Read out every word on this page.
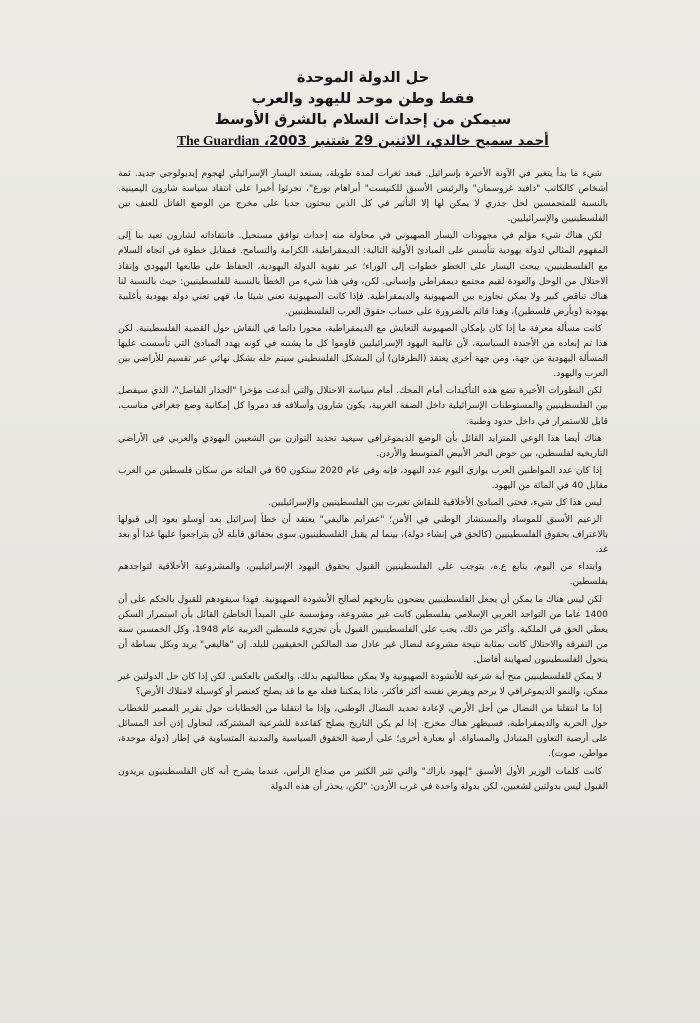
حل الدولة الموحدة
فقط وطن موحد لليهود والعرب
سيمكن من إحداث السلام بالشرق الأوسط
أحمد سميح خالدي، الاثنين 29 شتنبر 2003، The Guardian

شيء ما بدأ يتغير في الآونة الأخيرة بإسرائيل. فبعد ثغرات لمدة طويلة، يستعد اليسار الإسرائيلي لهجوم إيديولوجي جديد. ثمة أشخاص كالكاتب "دافيد غروسمان" والرئيس الأسبق للكنيست" أبراهام بورغ"، تجرئوا أخيرا على انتقاد سياسة شارون اليمينية. بالنسبة للمتحمسين لحل جذري لا يمكن لها إلا التأثير في كل الذين يبحثون جديا على مخرج من الوضع القاتل للعنف بين الفلسطينيين والإسرائيليين.

لكن هناك شيء مؤلم في مجهودات اليسار الصهيوني في محاولة منه إحداث توافق مستحيل. فانتقاداته لشارون تعيد بنا إلى المفهوم المثالي لدولة يهودية تتأسس على المبادئ الأولية التالية: الديمقراطية، الكرامة والتسامح. فمقابل خطوة في اتجاه السلام مع الفلسطينيين، يبحث اليسار على الخطو خطوات إلى الوراء؛ عبر تقوية الدولة اليهودية، الحفاظ على طابعها اليهودي وإنقاذ الاحتلال من الوحل والعودة لقيم مجتمع ديمقراطي وإنساني. لكن، وفي هذا شيء من الخطأ بالنسبة للفلسطينيين: حيث بالنسبة لنا هناك تناقض كبير ولا يمكن تجاوزه بين الصهيونية والديمقراطية. فإذا كانت الصهيونية تعني شيئا ما، فهي تعني دولة يهودية بأغلبية يهودية (وبأرض فلسطين)، وهذا قائم بالضرورة على حساب حقوق العرب الفلسطينيين.

كانت مسألة معرفة ما إذا كان بإمكان الصهيونية التعايش مع الديمقراطية، محورا دائما في النقاش حول القضية الفلسطينية. لكن هذا تم إبعاده من الأجندة السياسية، لأن غالبية اليهود الإسرائيليين قاوموا كل ما يشتبه في كونه يهدد المبادئ التي تأسست عليها المسألة اليهودية من جهة، ومن جهة أخرى يعتقد (الطرفان) أن المشكل الفلسطيني سيتم حله بشكل نهائي عبر تقسيم للأراضي بين العرب واليهود.

لكن التطورات الأخيرة تضع هذه التأكيدات أمام المحك. أمام سياسة الاحتلال والتي أبدعت مؤخرا "الجدار الفاصل"، الذي سيفصل بين الفلسطينيين والمستوطنات الإسرائيلية داخل الضفة الغربية، يكون شارون وأسلافه قد دمروا كل إمكانية وضع جغرافي مناسب، قابل للاستمرار في داخل حدود وطنية.

هناك أيضا هذا الوعي المتزايد القائل بأن الوضع الديموغرافي سيعيد تحديد التوازن بين الشعبين اليهودي والعربي في الأراضي التاريخية لفلسطين، بين حوض البحر الأبيض المتوسط والأردن.

إذا كان عدد المواطنين العرب يوازي اليوم عدد اليهود، فإنه وفي عام 2020 ستكون 60 في المائة من سكان فلسطين من العرب مقابل 40 في المائة من اليهود.

ليس هذا كل شيء، فحتى المبادئ الأخلاقية للنقاش تغيرت بين الفلسطينيين والإسرائيليين.

الزعيم الأسبق للموساد والمستشار الوطني في الأمن؛ "عفرايم هاليفي" يعتقد أن خطأ إسرائيل بعد أوسلو يعود إلى قبولها بالاعتراف بحقوق الفلسطينيين (كالحق في إنشاء دولة)، بينما لم يقبل الفلسطينيون سوى بحقائق قابلة لأن يتراجعوا عليها غدا أو بعد غد.

وابتداء من اليوم، يتابع ع.ه، يتوجب على الفلسطينيين القبول بحقوق اليهود الإسرائيليين، والمشروعية الأخلاقية لتواجدهم بفلسطين.

لكن ليس هناك ما يمكن أن يجعل الفلسطينيين يضحون بتاريخهم لصالح الأنشودة الصهيونية. فهذا سيقودهم للقبول بالحكم على أن 1400 عاما من التواجد العربي الإسلامي بفلسطين كانت غير مشروعة، ومؤسسة على المبدأ الخاطئ القائل بأن استمرار السكن يعطي الحق في الملكية. وأكثر من ذلك، يجب على الفلسطينيين القبول بأن تجزيء فلسطين العربية عام 1948، وكل الخمسين سنة من التفرقة والاحتلال كانت بمثابة نتيجة مشروعة لنضال غير عادل ضد المالكين الحقيقيين للبلد. إن "هاليفي" يريد وبكل بساطة أن يتحول الفلسطينيون لصهاينة أفاضل.

لا يمكن للفلسطينيين منح أية شرعية للأنشودة الصهيونية ولا يمكن مطالبتهم بذلك، والعكس بالعكس. لكن إذا كان حل الدولتين غير ممكن، والنمو الديموغرافي لا يرحم ويفرض نفسه أكثر فأكثر، ماذا يمكننا فعله مع ما قد يصلح كعنصر أو كوسيلة لامتلاك الأرض؟

إذا ما انتقلنا من النضال من أجل الأرض، لإعادة تحديد النضال الوطني، وإذا ما انتقلنا من الخطابات حول تقرير المصير للخطاب حول الحرية والديمقراطية، فسيظهر هناك مخرج. إذا لم يكن التاريخ يصلح كقاعدة للشرعية المشتركة، لنحاول إذن أخذ المسائل على أرضية التعاون المتبادل والمساواة. أو بعبارة أخرى؛ على أرضية الحقوق السياسية والمدنية المتساوية في إطار (دولة موحدة، مواطن، صوت).

كانت كلمات الوزير الأول الأسبق "إيهود باراك" والتي تثير الكثير من صداع الرأس، عندما يشرح أنه كان الفلسطينيون يريدون القبول ليس بدولتين لشعبين، لكن بدولة واحدة في غرب الأردن: "لكن، يحذر أن هذه الدولة
